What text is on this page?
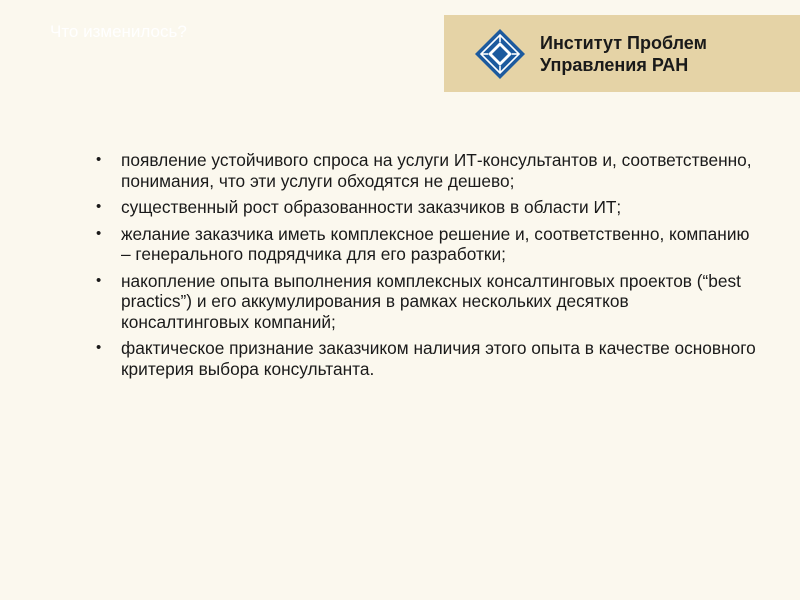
Что изменилось?
Институт Проблем
Управления РАН
• появление устойчивого спроса на услуги ИТ-консультантов и, соответственно, понимания, что эти услуги обходятся не дешево;
• существенный рост образованности заказчиков в области ИТ;
• желание заказчика иметь комплексное решение и, соответственно, компанию – генерального подрядчика для его разработки;
• накопление опыта выполнения комплексных консалтинговых проектов (“best practics”) и его аккумулирования в рамках нескольких десятков консалтинговых компаний;
• фактическое признание заказчиком наличия этого опыта в качестве основного критерия выбора консультанта.
